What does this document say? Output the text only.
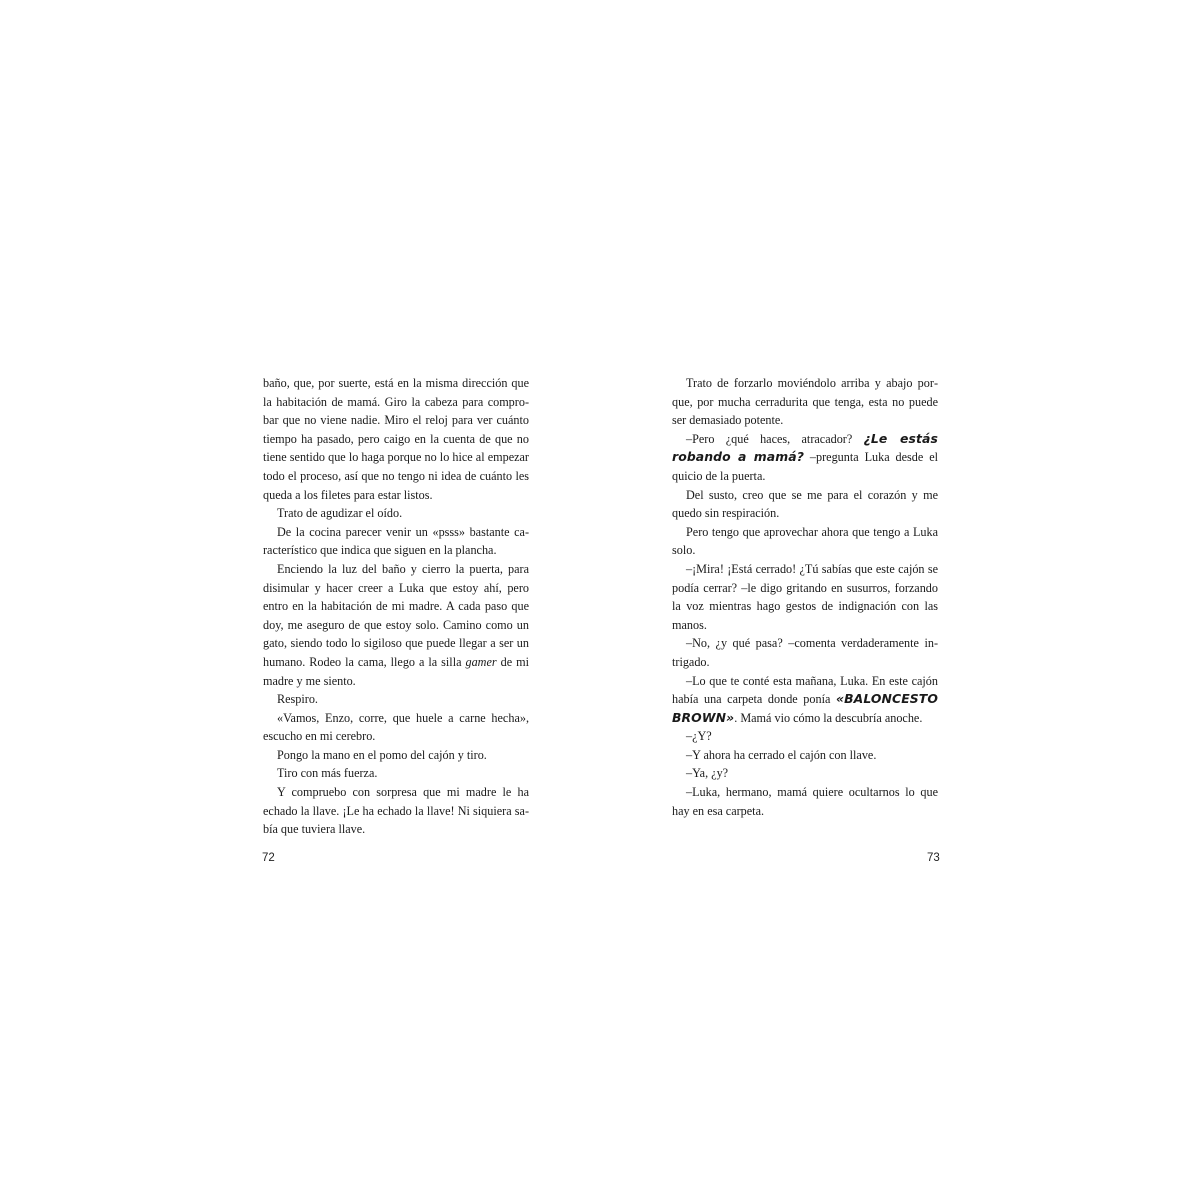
baño, que, por suerte, está en la misma dirección que la habitación de mamá. Giro la cabeza para comprobar que no viene nadie. Miro el reloj para ver cuánto tiempo ha pasado, pero caigo en la cuenta de que no tiene sentido que lo haga porque no lo hice al empezar todo el proceso, así que no tengo ni idea de cuánto les queda a los filetes para estar listos.

Trato de agudizar el oído.

De la cocina parecer venir un «psss» bastante característico que indica que siguen en la plancha.

Enciendo la luz del baño y cierro la puerta, para disimular y hacer creer a Luka que estoy ahí, pero entro en la habitación de mi madre. A cada paso que doy, me aseguro de que estoy solo. Camino como un gato, siendo todo lo sigiloso que puede llegar a ser un humano. Rodeo la cama, llego a la silla gamer de mi madre y me siento.

Respiro.

«Vamos, Enzo, corre, que huele a carne hecha», escucho en mi cerebro.

Pongo la mano en el pomo del cajón y tiro.

Tiro con más fuerza.

Y compruebo con sorpresa que mi madre le ha echado la llave. ¡Le ha echado la llave! Ni siquiera sabía que tuviera llave.

72

Trato de forzarlo moviéndolo arriba y abajo porque, por mucha cerradurita que tenga, esta no puede ser demasiado potente.

–Pero ¿qué haces, atracador? ¿Le estás robando a mamá? –pregunta Luka desde el quicio de la puerta.

Del susto, creo que se me para el corazón y me quedo sin respiración.

Pero tengo que aprovechar ahora que tengo a Luka solo.

–¡Mira! ¡Está cerrado! ¿Tú sabías que este cajón se podía cerrar? –le digo gritando en susurros, forzando la voz mientras hago gestos de indignación con las manos.

–No, ¿y qué pasa? –comenta verdaderamente intrigado.

–Lo que te conté esta mañana, Luka. En este cajón había una carpeta donde ponía «BALONCESTO BROWN». Mamá vio cómo la descubría anoche.

–¿Y?

–Y ahora ha cerrado el cajón con llave.

–Ya, ¿y?

–Luka, hermano, mamá quiere ocultarnos lo que hay en esa carpeta.

73
